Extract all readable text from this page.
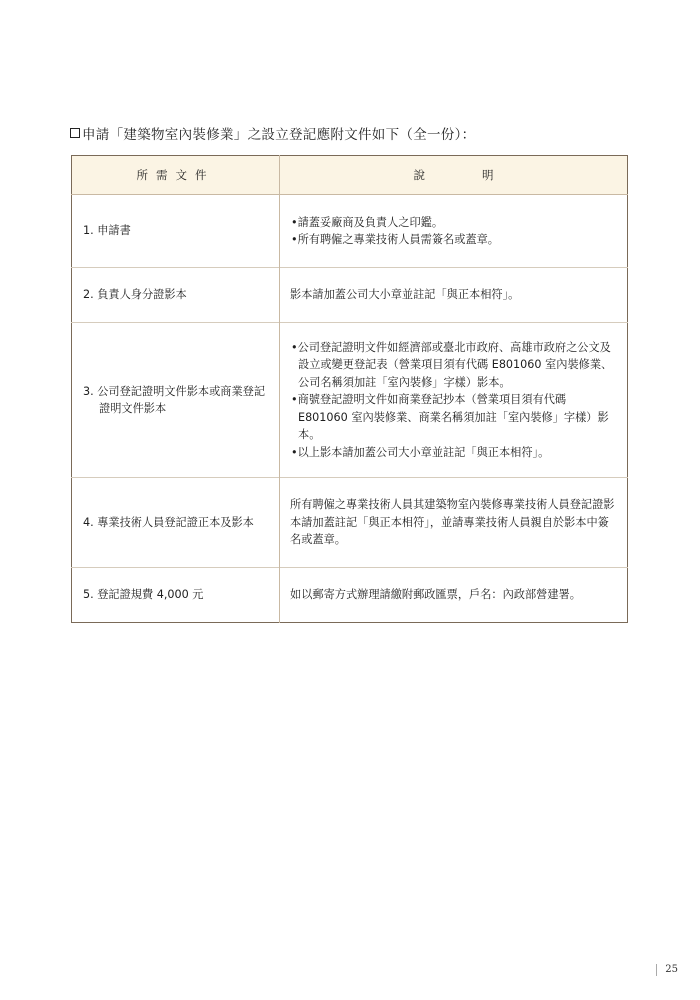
申請「建築物室內裝修業」之設立登記應附文件如下（全一份）：
所需文件	說明

1. 申請書	•請蓋妥廠商及負責人之印鑑。
•所有聘僱之專業技術人員需簽名或蓋章。

2. 負責人身分證影本	影本請加蓋公司大小章並註記「與正本相符」。

3. 公司登記證明文件影本或商業登記證明文件影本	•公司登記證明文件如經濟部或臺北市政府、高雄市政府之公文及設立或變更登記表（營業項目須有代碼 E801060 室內裝修業、公司名稱須加註「室內裝修」字樣）影本。
•商號登記證明文件如商業登記抄本（營業項目須有代碼 E801060 室內裝修業、商業名稱須加註「室內裝修」字樣）影本。
•以上影本請加蓋公司大小章並註記「與正本相符」。

4. 專業技術人員登記證正本及影本	所有聘僱之專業技術人員其建築物室內裝修專業技術人員登記證影本請加蓋註記「與正本相符」，並請專業技術人員親自於影本中簽名或蓋章。

5. 登記證規費 4,000 元	如以郵寄方式辦理請繳附郵政匯票，戶名：內政部營建署。
25
